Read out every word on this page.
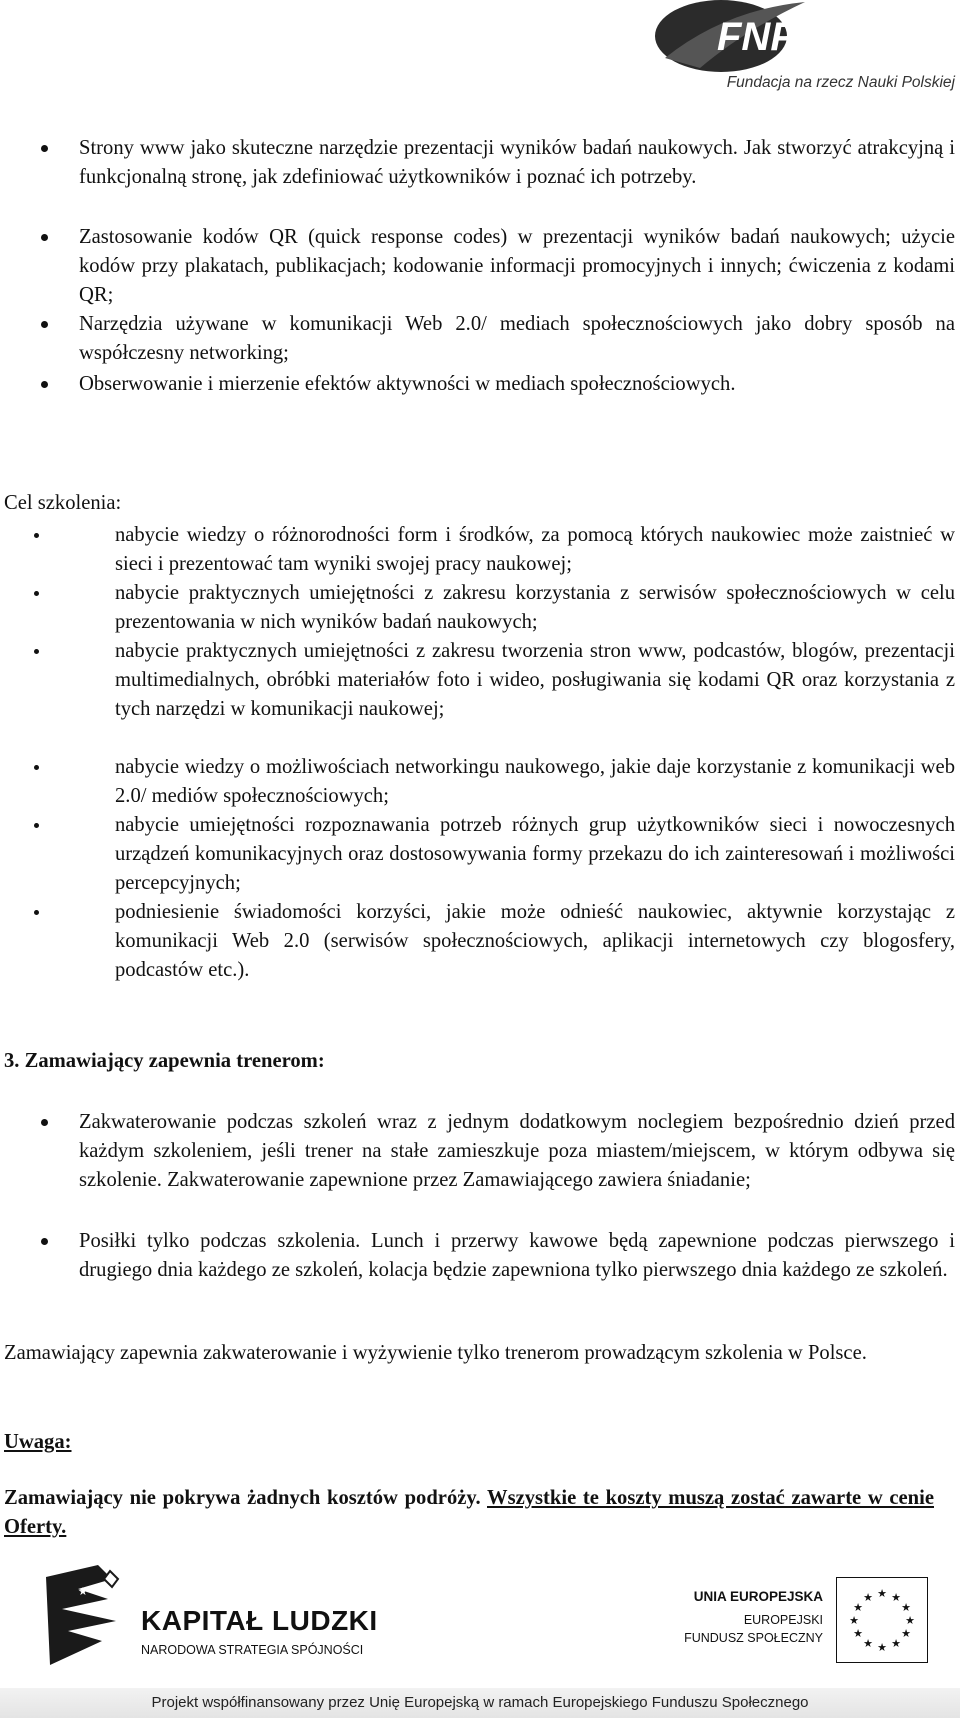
FNP
Fundacja na rzecz Nauki Polskiej
Strony www jako skuteczne narzędzie prezentacji wyników badań naukowych. Jak stworzyć atrakcyjną i funkcjonalną stronę, jak zdefiniować użytkowników i poznać ich potrzeby.
Zastosowanie kodów QR (quick response codes) w prezentacji wyników badań naukowych; użycie kodów przy plakatach, publikacjach; kodowanie informacji promocyjnych i innych; ćwiczenia z kodami QR;
Narzędzia używane w komunikacji Web 2.0/ mediach społecznościowych jako dobry sposób na współczesny networking;
Obserwowanie i mierzenie efektów aktywności w mediach społecznościowych.
Cel szkolenia:
nabycie wiedzy o różnorodności form i środków, za pomocą których naukowiec może zaistnieć w sieci i prezentować tam wyniki swojej pracy naukowej;
nabycie praktycznych umiejętności z zakresu korzystania z serwisów społecznościowych w celu prezentowania w nich wyników badań naukowych;
nabycie praktycznych umiejętności z zakresu tworzenia stron www, podcastów, blogów, prezentacji multimedialnych, obróbki materiałów foto i wideo, posługiwania się kodami QR oraz korzystania z tych narzędzi w komunikacji naukowej;
nabycie wiedzy o możliwościach networkingu naukowego, jakie daje korzystanie z komunikacji web 2.0/ mediów społecznościowych;
nabycie umiejętności rozpoznawania potrzeb różnych grup użytkowników sieci i nowoczesnych urządzeń komunikacyjnych oraz dostosowywania formy przekazu do ich zainteresowań i możliwości percepcyjnych;
podniesienie świadomości korzyści, jakie może odnieść naukowiec, aktywnie korzystając z komunikacji Web 2.0 (serwisów społecznościowych, aplikacji internetowych czy blogosfery, podcastów etc.).
3. Zamawiający zapewnia trenerom:
Zakwaterowanie podczas szkoleń wraz z jednym dodatkowym noclegiem bezpośrednio dzień przed każdym szkoleniem, jeśli trener na stałe zamieszkuje poza miastem/miejscem, w którym odbywa się szkolenie. Zakwaterowanie zapewnione przez Zamawiającego zawiera śniadanie;
Posiłki tylko podczas szkolenia. Lunch i przerwy kawowe będą zapewnione podczas pierwszego i drugiego dnia każdego ze szkoleń, kolacja będzie zapewniona tylko pierwszego dnia każdego ze szkoleń.
Zamawiający zapewnia zakwaterowanie i wyżywienie tylko trenerom prowadzącym szkolenia w Polsce.
Uwaga:
Zamawiający nie pokrywa żadnych kosztów podróży. Wszystkie te koszty muszą zostać zawarte w cenie Oferty.
★
KAPITAŁ LUDZKI
NARODOWA STRATEGIA SPÓJNOŚCI
UNIA EUROPEJSKA
EUROPEJSKI
FUNDUSZ SPOŁECZNY
★ ★
★
★
★
★
★
★
★
★
★
★
Projekt współfinansowany przez Unię Europejską w ramach Europejskiego Funduszu Społecznego
